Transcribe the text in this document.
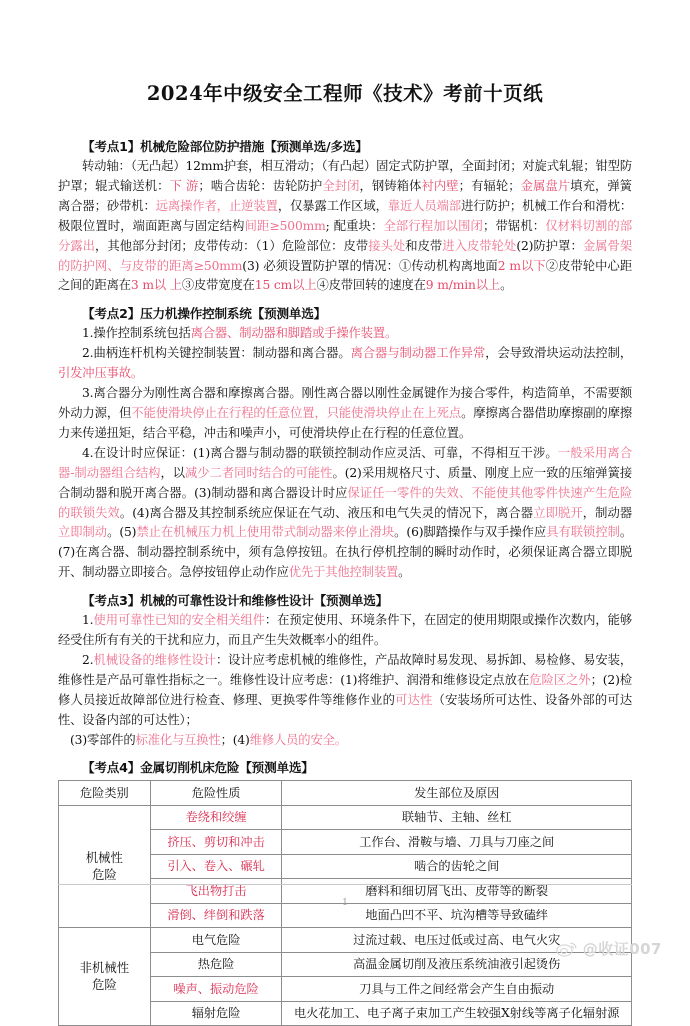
2024年中级安全工程师《技术》考前十页纸
【考点1】机械危险部位防护措施【预测单选/多选】

转动轴：（无凸起）12mm护套，相互滑动；（有凸起）固定式防护罩，全面封闭；对旋式轧辊；钳型防护罩；辊式输送机：下 游；啮合齿轮：齿轮防护全封闭，钢铸箱体衬内壁；有辐轮；金属盘片填充，弹簧离合器；砂带机：远离操作者，止逆装置，仅暴露工作区域，靠近人员端部进行防护；机械工作台和滑枕：极限位置时，端面距离与固定结构间距≥500mm; 配重块：全部行程加以围闭；带锯机：仅材料切割的部分露出，其他部分封闭；皮带传动：（1）危险部位：皮带接头处和皮带进入皮带轮处(2)防护罩：金属骨架的防护网、与皮带的距离≥50mm(3) 必须设置防护罩的情况：①传动机构离地面2 m以下②皮带轮中心距之间的距离在3 m以 上③皮带宽度在15 cm以上④皮带回转的速度在9 m/min以上。

【考点2】压力机操作控制系统【预测单选】

1.操作控制系统包括离合器、制动器和脚踏或手操作装置。

2.曲柄连杆机构关键控制装置：制动器和离合器。离合器与制动器工作异常，会导致滑块运动法控制，引发冲压事故。

3.离合器分为刚性离合器和摩擦离合器。刚性离合器以刚性金属键作为接合零件，构造简单，不需要额外动力源，但不能使滑块停止在行程的任意位置，只能使滑块停止在上死点。摩擦离合器借助摩擦副的摩擦力来传递扭矩，结合平稳，冲击和噪声小，可使滑块停止在行程的任意位置。

4.在设计时应保证：(1)离合器与制动器的联锁控制动作应灵活、可靠，不得相互干涉。一般采用离合器-制动器组合结构，以减少二者同时结合的可能性。(2)采用规格尺寸、质量、刚度上应一致的压缩弹簧接合制动器和脱开离合器。(3)制动器和离合器设计时应保证任一零件的失效、不能使其他零件快速产生危险的联锁失效。(4)离合器及其控制系统应保证在气动、液压和电气失灵的情况下，离合器立即脱开，制动器立即制动。(5)禁止在机械压力机上使用带式制动器来停止滑块。(6)脚踏操作与双手操作应具有联锁控制。(7)在离合器、制动器控制系统中，须有急停按钮。在执行停机控制的瞬时动作时，必须保证离合器立即脱开、制动器立即接合。急停按钮停止动作应优先于其他控制装置。

【考点3】机械的可靠性设计和维修性设计【预测单选】

1.使用可靠性已知的安全相关组件：在预定使用、环境条件下，在固定的使用期限或操作次数内，能够经受住所有有关的干扰和应力，而且产生失效概率小的组件。

2.机械设备的维修性设计：设计应考虑机械的维修性，产品故障时易发现、易拆卸、易检修、易安装，维修性是产品可靠性指标之一。维修性设计应考虑：(1)将维护、润滑和维修设定点放在危险区之外；(2)检修人员接近故障部位进行检查、修理、更换零件等维修作业的可达性（安装场所可达性、设备外部的可达性、设备内部的可达性）；

(3)零部件的标准化与互换性；(4)维修人员的安全。

【考点4】金属切削机床危险【预测单选】
危险类别	危险性质	发生部位及原因
机械性
危险	卷绕和绞缠	联轴节、主轴、丝杠
	挤压、剪切和冲击	工作台、滑鞍与墙、刀具与刀座之间
	引入、卷入、碾轧	啮合的齿轮之间
	飞出物打击	磨料和细切屑飞出、皮带等的断裂
	滑倒、绊倒和跌落	地面凸凹不平、坑沟槽等导致磕绊
非机械性
危险	电气危险	过流过载、电压过低或过高、电气火灾
	热危险	高温金属切削及液压系统油液引起烫伤
	噪声、振动危险	刀具与工件之间经常会产生自由振动
	辐射危险	电火花加工、电子离子束加工产生较强X射线等离子化辐射源
1
@收证007
